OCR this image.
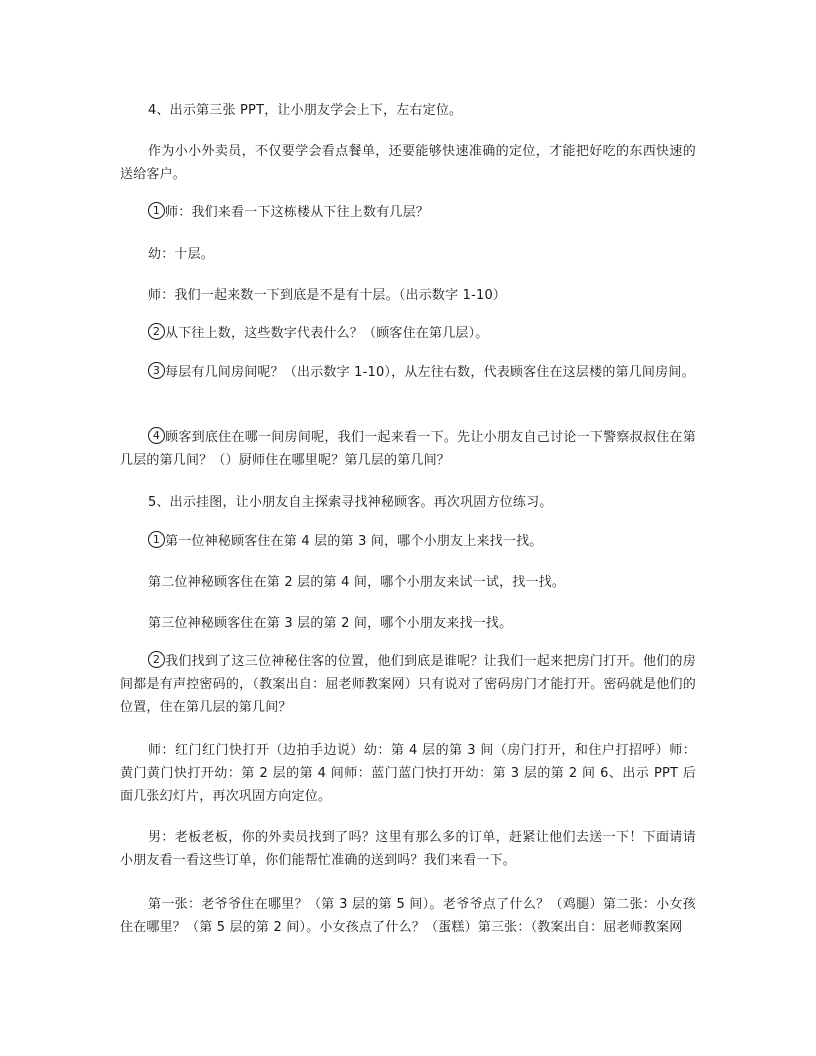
4、出示第三张 PPT，让小朋友学会上下，左右定位。

作为小小外卖员，不仅要学会看点餐单，还要能够快速准确的定位，才能把好吃的东西快速的送给客户。

1 师：我们来看一下这栋楼从下往上数有几层？

幼：十层。

师：我们一起来数一下到底是不是有十层。（出示数字 1-10）

2 从下往上数，这些数字代表什么？（顾客住在第几层）。

3 每层有几间房间呢？（出示数字 1-10），从左往右数，代表顾客住在这层楼的第几间房间。

4 顾客到底住在哪一间房间呢，我们一起来看一下。先让小朋友自己讨论一下警察叔叔住在第几层的第几间？（）厨师住在哪里呢？第几层的第几间？

5、出示挂图，让小朋友自主探索寻找神秘顾客。再次巩固方位练习。

1 第一位神秘顾客住在第 4 层的第 3 间，哪个小朋友上来找一找。

第二位神秘顾客住在第 2 层的第 4 间，哪个小朋友来试一试，找一找。

第三位神秘顾客住在第 3 层的第 2 间，哪个小朋友来找一找。

2 我们找到了这三位神秘住客的位置，他们到底是谁呢？让我们一起来把房门打开。他们的房间都是有声控密码的，（教案出自：屈老师教案网）只有说对了密码房门才能打开。密码就是他们的位置，住在第几层的第几间？

师：红门红门快打开（边拍手边说）幼：第 4 层的第 3 间（房门打开，和住户打招呼）师：黄门黄门快打开幼：第 2 层的第 4 间师：蓝门蓝门快打开幼：第 3 层的第 2 间 6、出示 PPT 后面几张幻灯片，再次巩固方向定位。

男：老板老板，你的外卖员找到了吗？这里有那么多的订单，赶紧让他们去送一下！下面请请小朋友看一看这些订单，你们能帮忙准确的送到吗？我们来看一下。

第一张：老爷爷住在哪里？（第 3 层的第 5 间）。老爷爷点了什么？（鸡腿）第二张：小女孩住在哪里？（第 5 层的第 2 间）。小女孩点了什么？（蛋糕）第三张：（教案出自：屈老师教案网
